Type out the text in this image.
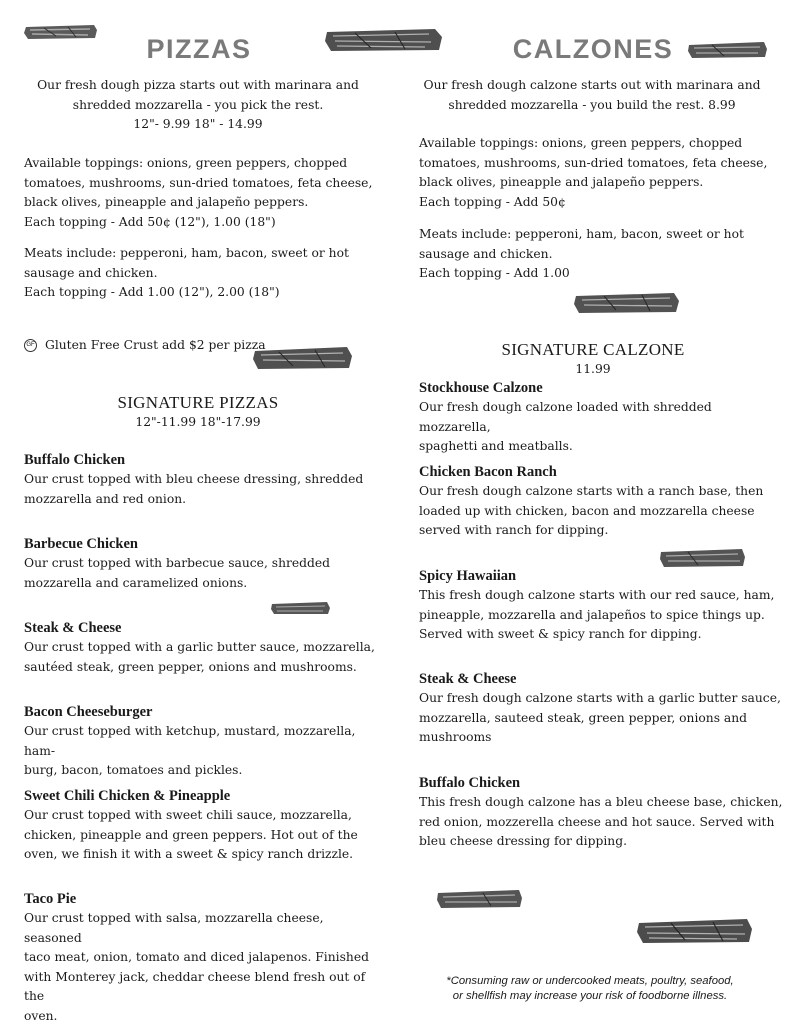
PIZZAS
Our fresh dough pizza starts out with marinara and
shredded mozzarella - you pick the rest.
12"- 9.99 18" - 14.99
Available toppings: onions, green peppers, chopped
tomatoes, mushrooms, sun-dried tomatoes, feta cheese,
black olives, pineapple and jalapeño peppers.
Each topping - Add 50¢ (12"), 1.00 (18")
Meats include: pepperoni, ham, bacon, sweet or hot
sausage and chicken.
Each topping - Add 1.00 (12"), 2.00 (18")

GF Gluten Free Crust add $2 per pizza

SIGNATURE PIZZAS
12"-11.99 18"-17.99
Buffalo Chicken
Our crust topped with bleu cheese dressing, shredded
mozzarella and red onion.
Barbecue Chicken
Our crust topped with barbecue sauce, shredded
mozzarella and caramelized onions.
Steak & Cheese
Our crust topped with a garlic butter sauce, mozzarella,
sautéed steak, green pepper, onions and mushrooms.
Bacon Cheeseburger
Our crust topped with ketchup, mustard, mozzarella, ham-
burg, bacon, tomatoes and pickles.
Sweet Chili Chicken & Pineapple
Our crust topped with sweet chili sauce, mozzarella,
chicken, pineapple and green peppers. Hot out of the
oven, we finish it with a sweet & spicy ranch drizzle.
Taco Pie
Our crust topped with salsa, mozzarella cheese, seasoned
taco meat, onion, tomato and diced jalapenos. Finished
with Monterey jack, cheddar cheese blend fresh out of the
oven.
CALZONES
Our fresh dough calzone starts out with marinara and
shredded mozzarella - you build the rest. 8.99
Available toppings: onions, green peppers, chopped
tomatoes, mushrooms, sun-dried tomatoes, feta cheese,
black olives, pineapple and jalapeño peppers.
Each topping - Add 50¢
Meats include: pepperoni, ham, bacon, sweet or hot
sausage and chicken.
Each topping - Add 1.00
SIGNATURE CALZONE
11.99
Stockhouse Calzone
Our fresh dough calzone loaded with shredded mozzarella,
spaghetti and meatballs.
Chicken Bacon Ranch
Our fresh dough calzone starts with a ranch base, then
loaded up with chicken, bacon and mozzarella cheese
served with ranch for dipping.
Spicy Hawaiian
This fresh dough calzone starts with our red sauce, ham,
pineapple, mozzarella and jalapeños to spice things up.
Served with sweet & spicy ranch for dipping.
Steak & Cheese
Our fresh dough calzone starts with a garlic butter sauce,
mozzarella, sauteed steak, green pepper, onions and
mushrooms
Buffalo Chicken
This fresh dough calzone has a bleu cheese base, chicken,
red onion, mozzerella cheese and hot sauce. Served with
bleu cheese dressing for dipping.
*Consuming raw or undercooked meats, poultry, seafood,
or shellfish may increase your risk of foodborne illness.
